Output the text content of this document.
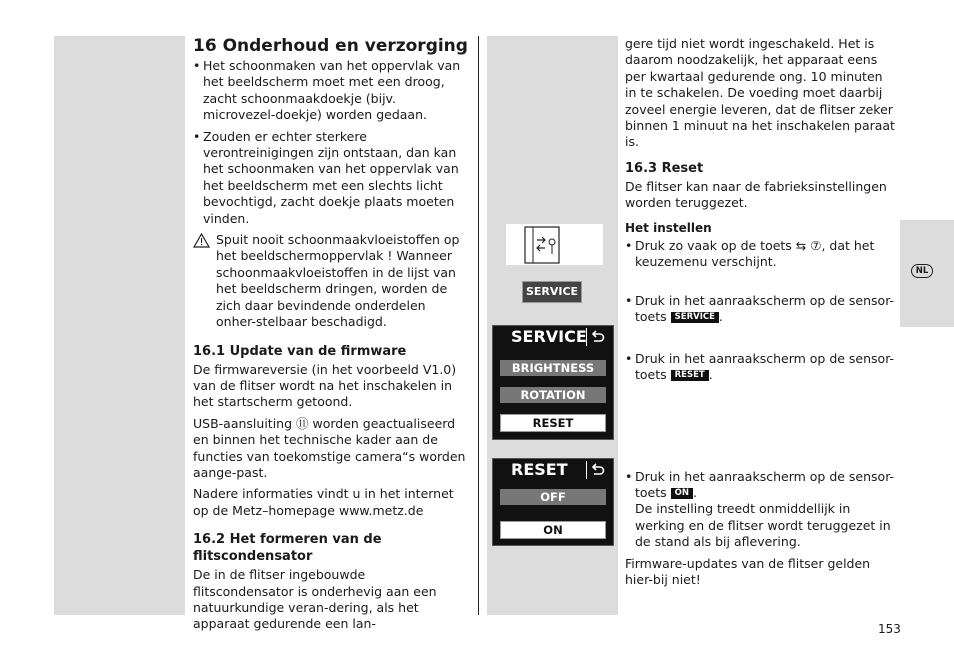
16 Onderhoud en verzorging
• Het schoonmaken van het oppervlak van het beeldscherm moet met een droog, zacht schoonmaakdoekje (bijv. microvezel-doekje) worden gedaan.
• Zouden er echter sterkere verontreinigingen zijn ontstaan, dan kan het schoonmaken van het oppervlak van het beeldscherm met een slechts licht bevochtigd, zacht doekje plaats moeten vinden.
Spuit nooit schoonmaakvloeistoffen op het beeldschermoppervlak ! Wanneer schoonmaakvloeistoffen in de lijst van het beeldscherm dringen, worden de zich daar bevindende onderdelen onher-stelbaar beschadigd.
16.1 Update van de firmware

De firmwareversie (in het voorbeeld V1.0) van de flitser wordt na het inschakelen in het startscherm getoond.

USB-aansluiting ⑪ worden geactualiseerd en binnen het technische kader aan de functies van toekomstige camera“s worden aange-past.

Nadere informaties vindt u in het internet op de Metz–homepage www.metz.de

16.2 Het formeren van de flitscondensator

De in de flitser ingebouwde flitscondensator is onderhevig aan een natuurkundige veran-dering, als het apparaat gedurende een lan-

SERVICE
SERVICE
BRIGHTNESS
ROTATION
RESET
RESET
OFF
ON

gere tijd niet wordt ingeschakeld. Het is daarom noodzakelijk, het apparaat eens per kwartaal gedurende ong. 10 minuten in te schakelen. De voeding moet daarbij zoveel energie leveren, dat de flitser zeker binnen 1 minuut na het inschakelen paraat is.

16.3 Reset

De flitser kan naar de fabrieksinstellingen worden teruggezet.

Het instellen
• Druk zo vaak op de toets ⇆ ⑦, dat het keuzemenu verschijnt.
• Druk in het aanraakscherm op de sensor-toets SERVICE .
• Druk in het aanraakscherm op de sensor-toets RESET .
• Druk in het aanraakscherm op de sensor-toets ON .
De instelling treedt onmiddellijk in werking en de flitser wordt teruggezet in de stand als bij aflevering.

Firmware-updates van de flitser gelden hier-bij niet!

NL
153
